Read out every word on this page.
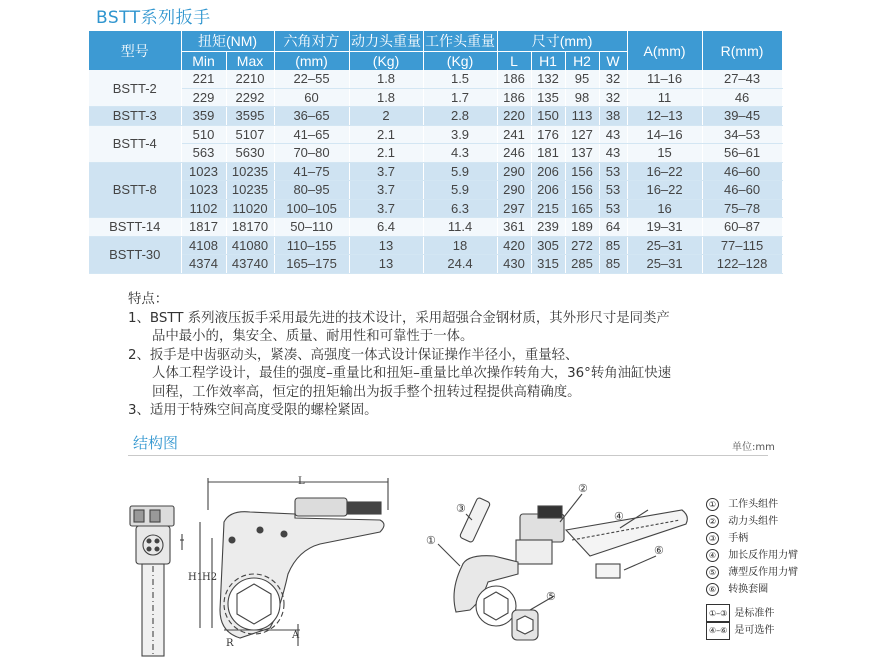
BSTT系列扳手
型号	扭矩(NM)		六角对方	动力头重量	工作头重量	尺寸(mm)				A(mm)	R(mm)
	Min	Max	(mm)	(Kg)	(Kg)	L	H1	H2	W		
BSTT-2	221	2210	22–55	1.8	1.5	186	132	95	32	11–16	27–43
	229	2292	60	1.8	1.7	186	135	98	32	11	46
BSTT-3	359	3595	36–65	2	2.8	220	150	113	38	12–13	39–45
BSTT-4	510	5107	41–65	2.1	3.9	241	176	127	43	14–16	34–53
	563	5630	70–80	2.1	4.3	246	181	137	43	15	56–61
BSTT-8	1023	10235	41–75	3.7	5.9	290	206	156	53	16–22	46–60
	1023	10235	80–95	3.7	5.9	290	206	156	53	16–22	46–60
	1102	11020	100–105	3.7	6.3	297	215	165	53	16	75–78
BSTT-14	1817	18170	50–110	6.4	11.4	361	239	189	64	19–31	60–87
BSTT-30	4108	41080	110–155	13	18	420	305	272	85	25–31	77–115
	4374	43740	165–175	13	24.4	430	315	285	85	25–31	122–128
特点：
1、BSTT 系列液压扳手采用最先进的技术设计，采用超强合金钢材质，其外形尺寸是同类产
品中最小的，集安全、质量、耐用性和可靠性于一体。
2、扳手是中齿驱动头，紧凑、高强度一体式设计保证操作半径小，重量轻、
人体工程学设计，最佳的强度–重量比和扭矩–重量比单次操作转角大，36°转角油缸快速
回程，工作效率高，恒定的扭矩输出为扳手整个扭转过程提供高精确度。
3、适用于特殊空间高度受限的螺栓紧固。
结构图	单位:mm
L
H1
H2
A
R
①
②
③
④
⑥
⑤
① 工作头组件
② 动力头组件
③ 手柄
④ 加长反作用力臂
⑤ 薄型反作用力臂
⑥ 转换套圈
①–③ 是标准件
④–⑥ 是可选件
